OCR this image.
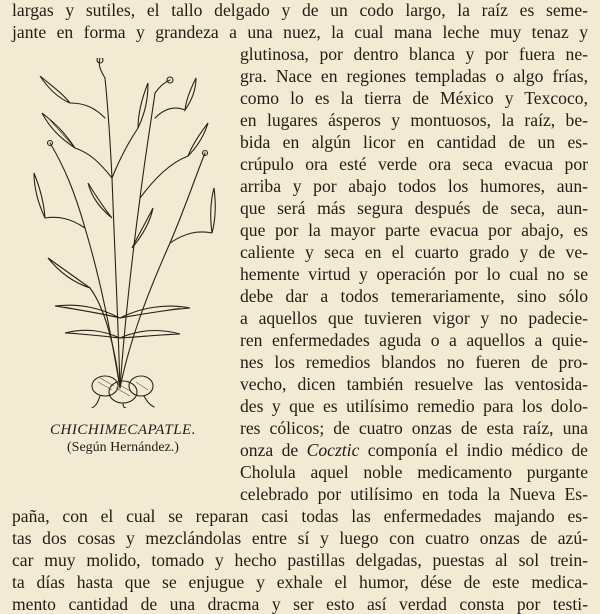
largas y sutiles, el tallo delgado y de un codo largo, la raíz es seme-

jante en forma y grandeza a una nuez, la cual mana leche muy tenaz y

glutinosa, por dentro blanca y por fuera ne-

gra. Nace en regiones templadas o algo frías,

como lo es la tierra de México y Texcoco,

en lugares ásperos y montuosos, la raíz, be-

bida en algún licor en cantidad de un es-

crúpulo ora esté verde ora seca evacua por

arriba y por abajo todos los humores, aun-

que será más segura después de seca, aun-

que por la mayor parte evacua por abajo, es

caliente y seca en el cuarto grado y de ve-

hemente virtud y operación por lo cual no se

debe dar a todos temerariamente, sino sólo

a aquellos que tuvieren vigor y no padecie-

ren enfermedades aguda o a aquellos a quie-

nes los remedios blandos no fueren de pro-

vecho, dicen también resuelve las ventosida-

des y que es utilísimo remedio para los dolo-

res cólicos; de cuatro onzas de esta raíz, una

onza de Cocztic componía el indio médico de

Cholula aquel noble medicamento purgante

celebrado por utilísimo en toda la Nueva Es-

paña, con el cual se reparan casi todas las enfermedades majando es-

tas dos cosas y mezclándolas entre sí y luego con cuatro onzas de azú-

car muy molido, tomado y hecho pastillas delgadas, puestas al sol trein-

ta días hasta que se enjugue y exhale el humor, dése de este medica-

mento cantidad de una dracma y ser esto así verdad consta por testi-

CHICHIMECAPATLE.
(Según Hernández.)
